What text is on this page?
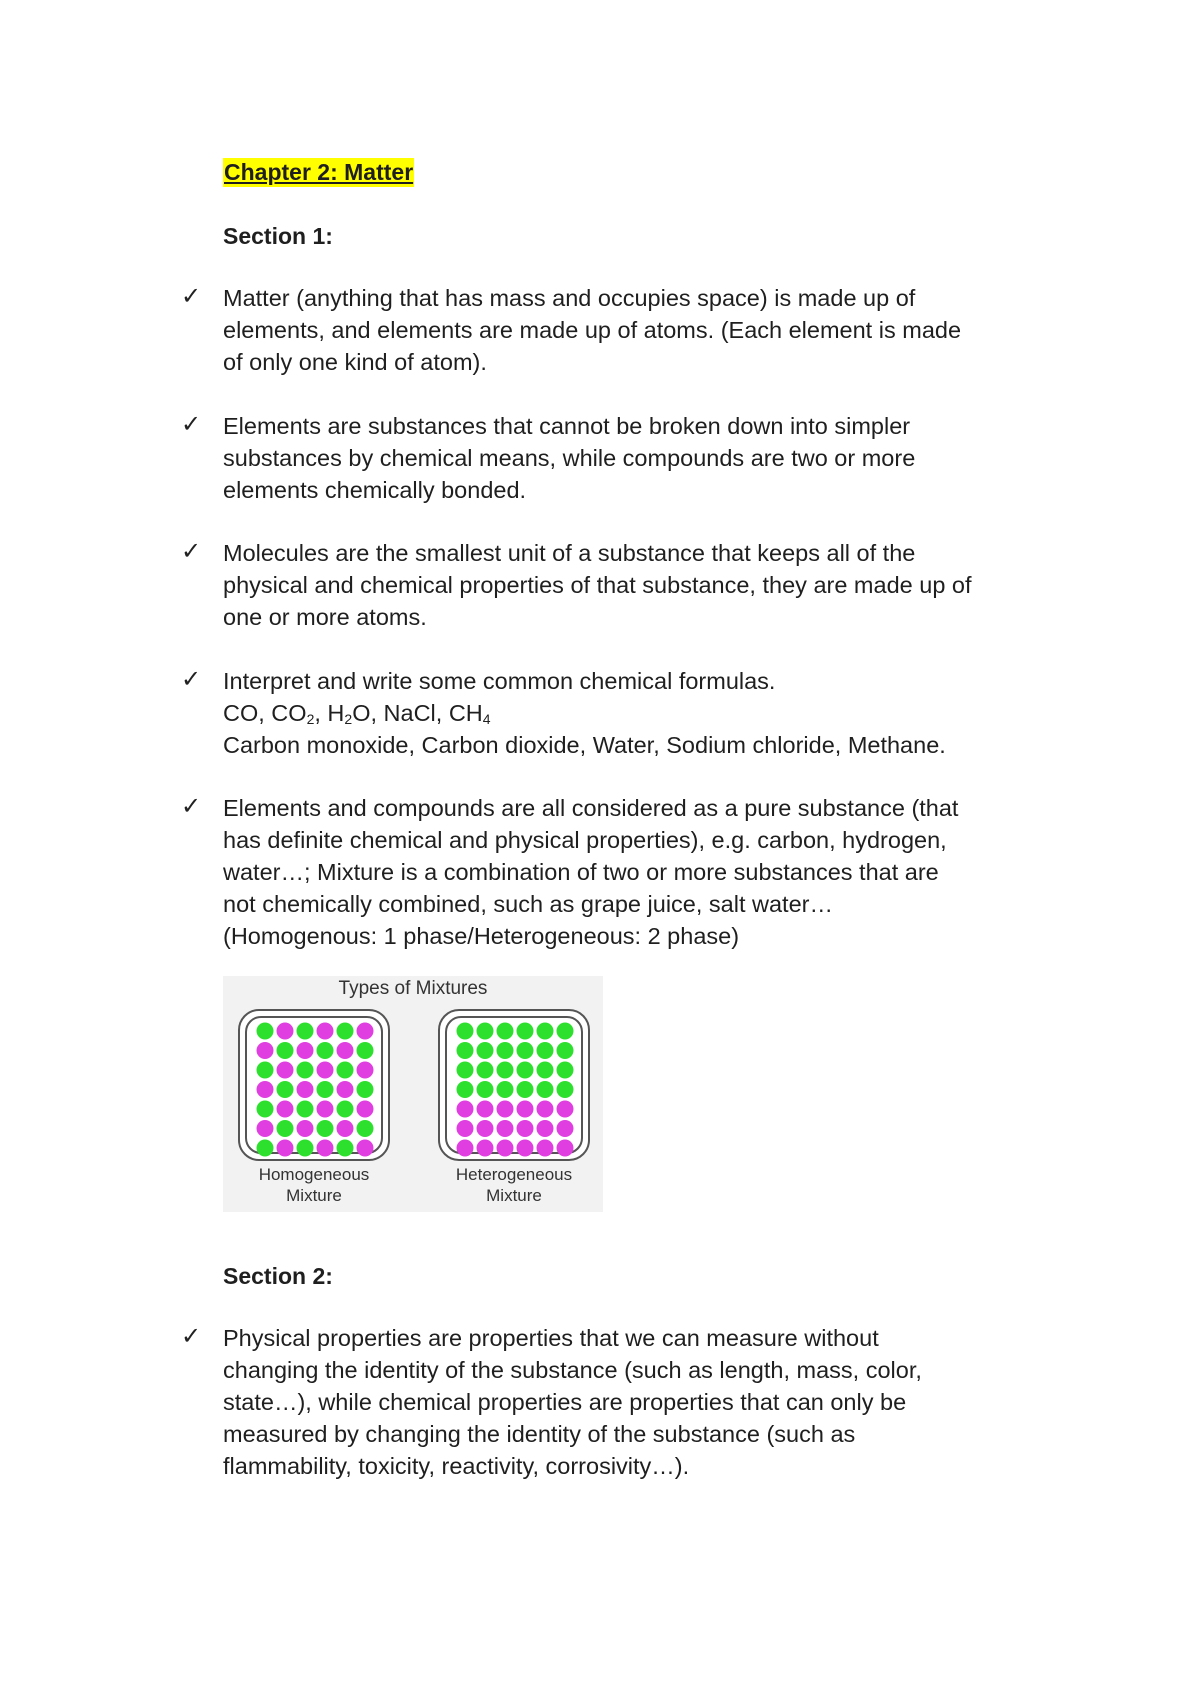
Chapter 2: Matter
Section 1:
✓ Matter (anything that has mass and occupies space) is made up of
elements, and elements are made up of atoms. (Each element is made
of only one kind of atom).
✓ Elements are substances that cannot be broken down into simpler
substances by chemical means, while compounds are two or more
elements chemically bonded.
✓ Molecules are the smallest unit of a substance that keeps all of the
physical and chemical properties of that substance, they are made up of
one or more atoms.
✓ Interpret and write some common chemical formulas.
CO, $CO_2$, $H_2O$, NaCl, $CH_4$
Carbon monoxide, Carbon dioxide, Water, Sodium chloride, Methane.
✓ Elements and compounds are all considered as a pure substance (that
has definite chemical and physical properties), e.g. carbon, hydrogen,
water…; Mixture is a combination of two or more substances that are
not chemically combined, such as grape juice, salt water…
(Homogenous: 1 phase/Heterogeneous: 2 phase)
Types of Mixtures
Homogeneous
Mixture
Heterogeneous
Mixture
Section 2:
✓ Physical properties are properties that we can measure without
changing the identity of the substance (such as length, mass, color,
state…), while chemical properties are properties that can only be
measured by changing the identity of the substance (such as
flammability, toxicity, reactivity, corrosivity…).
